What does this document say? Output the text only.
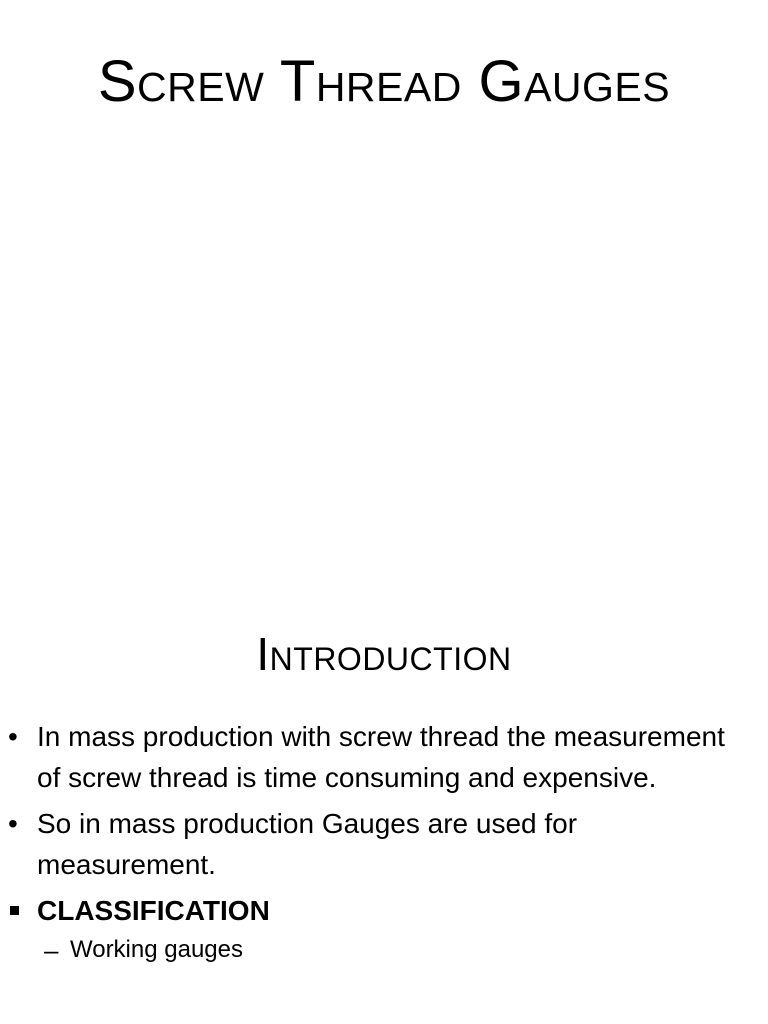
Screw Thread Gauges
Introduction
• In mass production with screw thread the measurement of screw thread is time consuming and expensive.
• So in mass production Gauges are used for measurement.
CLASSIFICATION
– Working gauges
